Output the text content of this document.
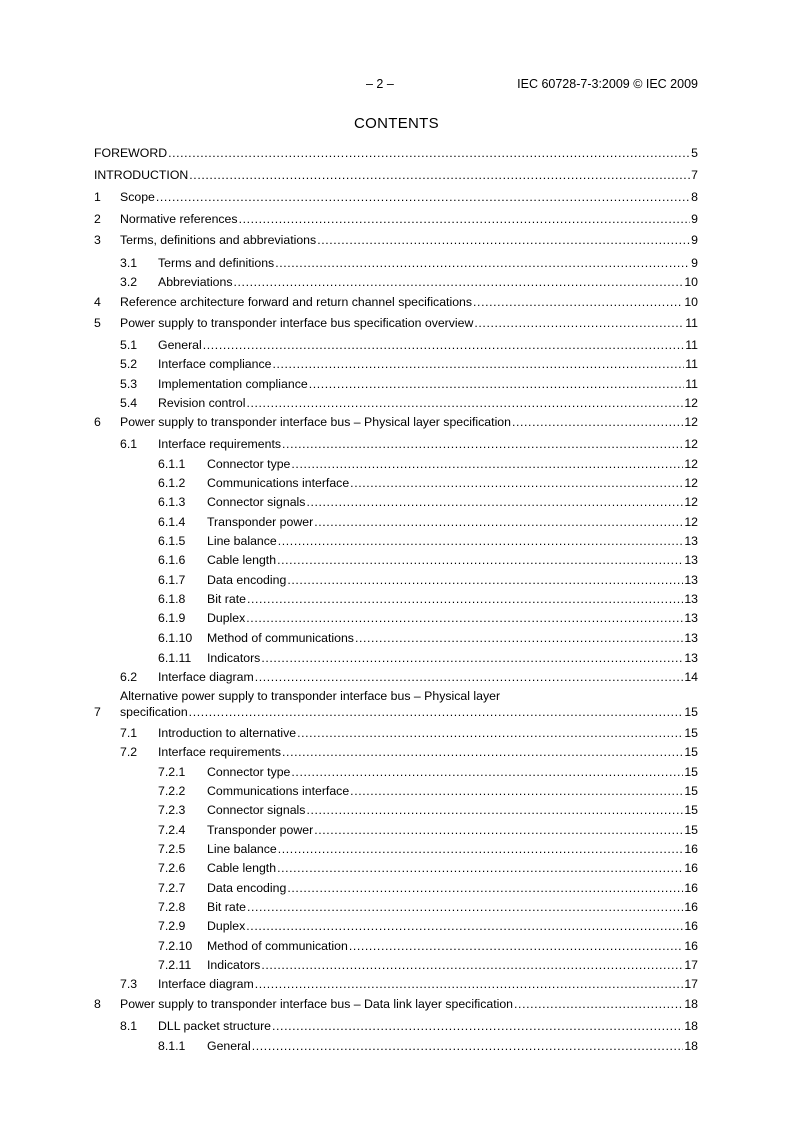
– 2 –	IEC 60728-7-3:2009 © IEC 2009
CONTENTS
FOREWORD .....	5
INTRODUCTION .....	7
1 Scope .....	8
2 Normative references .....	9
3 Terms, definitions and abbreviations .....	9
3.1 Terms and definitions .....	9
3.2 Abbreviations .....	10
4 Reference architecture forward and return channel specifications .....	10
5 Power supply to transponder interface bus specification overview .....	11
5.1 General .....	11
5.2 Interface compliance .....	11
5.3 Implementation compliance .....	11
5.4 Revision control .....	12
6 Power supply to transponder interface bus – Physical layer specification .....	12
6.1 Interface requirements .....	12
6.1.1 Connector type .....	12
6.1.2 Communications interface .....	12
6.1.3 Connector signals .....	12
6.1.4 Transponder power .....	12
6.1.5 Line balance .....	13
6.1.6 Cable length .....	13
6.1.7 Data encoding .....	13
6.1.8 Bit rate .....	13
6.1.9 Duplex .....	13
6.1.10 Method of communications .....	13
6.1.11 Indicators .....	13
6.2 Interface diagram .....	14
Alternative power supply to transponder interface bus – Physical layer
7 specification .....	15
7.1 Introduction to alternative .....	15
7.2 Interface requirements .....	15
7.2.1 Connector type .....	15
7.2.2 Communications interface .....	15
7.2.3 Connector signals .....	15
7.2.4 Transponder power .....	15
7.2.5 Line balance .....	16
7.2.6 Cable length .....	16
7.2.7 Data encoding .....	16
7.2.8 Bit rate .....	16
7.2.9 Duplex .....	16
7.2.10 Method of communication .....	16
7.2.11 Indicators .....	17
7.3 Interface diagram .....	17
8 Power supply to transponder interface bus – Data link layer specification .....	18
8.1 DLL packet structure .....	18
8.1.1 General .....	18
